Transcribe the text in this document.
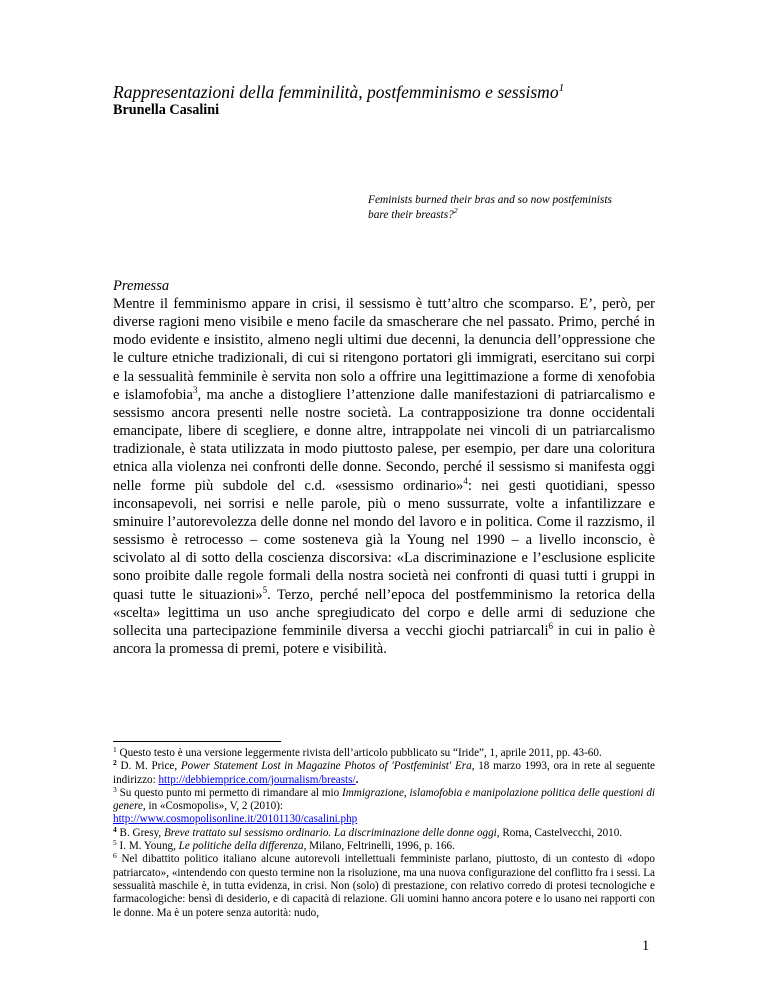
Rappresentazioni della femminilità, postfemminismo e sessismo$^1$
Brunella Casalini
Feminists burned their bras and so now postfeminists
bare their breasts?$^2$
Premessa
Mentre il femminismo appare in crisi, il sessismo è tutt’altro che scomparso. E’, però, per diverse ragioni meno visibile e meno facile da smascherare che nel passato. Primo, perché in modo evidente e insistito, almeno negli ultimi due decenni, la denuncia dell’oppressione che le culture etniche tradizionali, di cui si ritengono portatori gli immigrati, esercitano sui corpi e la sessualità femminile è servita non solo a offrire una legittimazione a forme di xenofobia e islamofobia$^3$, ma anche a distogliere l’attenzione dalle manifestazioni di patriarcalismo e sessismo ancora presenti nelle nostre società. La contrapposizione tra donne occidentali emancipate, libere di scegliere, e donne altre, intrappolate nei vincoli di un patriarcalismo tradizionale, è stata utilizzata in modo piuttosto palese, per esempio, per dare una coloritura etnica alla violenza nei confronti delle donne. Secondo, perché il sessismo si manifesta oggi nelle forme più subdole del c.d. «sessismo ordinario»$^4$: nei gesti quotidiani, spesso inconsapevoli, nei sorrisi e nelle parole, più o meno sussurrate, volte a infantilizzare e sminuire l’autorevolezza delle donne nel mondo del lavoro e in politica. Come il razzismo, il sessismo è retrocesso – come sosteneva già la Young nel 1990 – a livello inconscio, è scivolato al di sotto della coscienza discorsiva: «La discriminazione e l’esclusione esplicite sono proibite dalle regole formali della nostra società nei confronti di quasi tutti i gruppi in quasi tutte le situazioni»$^5$. Terzo, perché nell’epoca del postfemminismo la retorica della «scelta» legittima un uso anche spregiudicato del corpo e delle armi di seduzione che sollecita una partecipazione femminile diversa a vecchi giochi patriarcali$^6$ in cui in palio è ancora la promessa di premi, potere e visibilità.

$^1$ Questo testo è una versione leggermente rivista dell’articolo pubblicato su “Iride”, 1, aprile 2011, pp. 43-60.

$^2$ D. M. Price, Power Statement Lost in Magazine Photos of 'Postfeminist' Era, 18 marzo 1993, ora in rete al seguente indirizzo: http://debbiemprice.com/journalism/breasts/.

$^3$ Su questo punto mi permetto di rimandare al mio Immigrazione, islamofobia e manipolazione politica delle questioni di genere, in «Cosmopolis», V, 2 (2010):
http://www.cosmopolisonline.it/20101130/casalini.php

$^4$ B. Gresy, Breve trattato sul sessismo ordinario. La discriminazione delle donne oggi, Roma, Castelvecchi, 2010.

$^5$ I. M. Young, Le politiche della differenza, Milano, Feltrinelli, 1996, p. 166.

$^6$ Nel dibattito politico italiano alcune autorevoli intellettuali femministe parlano, piuttosto, di un contesto di «dopo patriarcato», «intendendo con questo termine non la risoluzione, ma una nuova configurazione del conflitto fra i sessi. La sessualità maschile è, in tutta evidenza, in crisi. Non (solo) di prestazione, con relativo corredo di protesi tecnologiche e farmacologiche: bensì di desiderio, e di capacità di relazione. Gli uomini hanno ancora potere e lo usano nei rapporti con le donne. Ma è un potere senza autorità: nudo,

1
